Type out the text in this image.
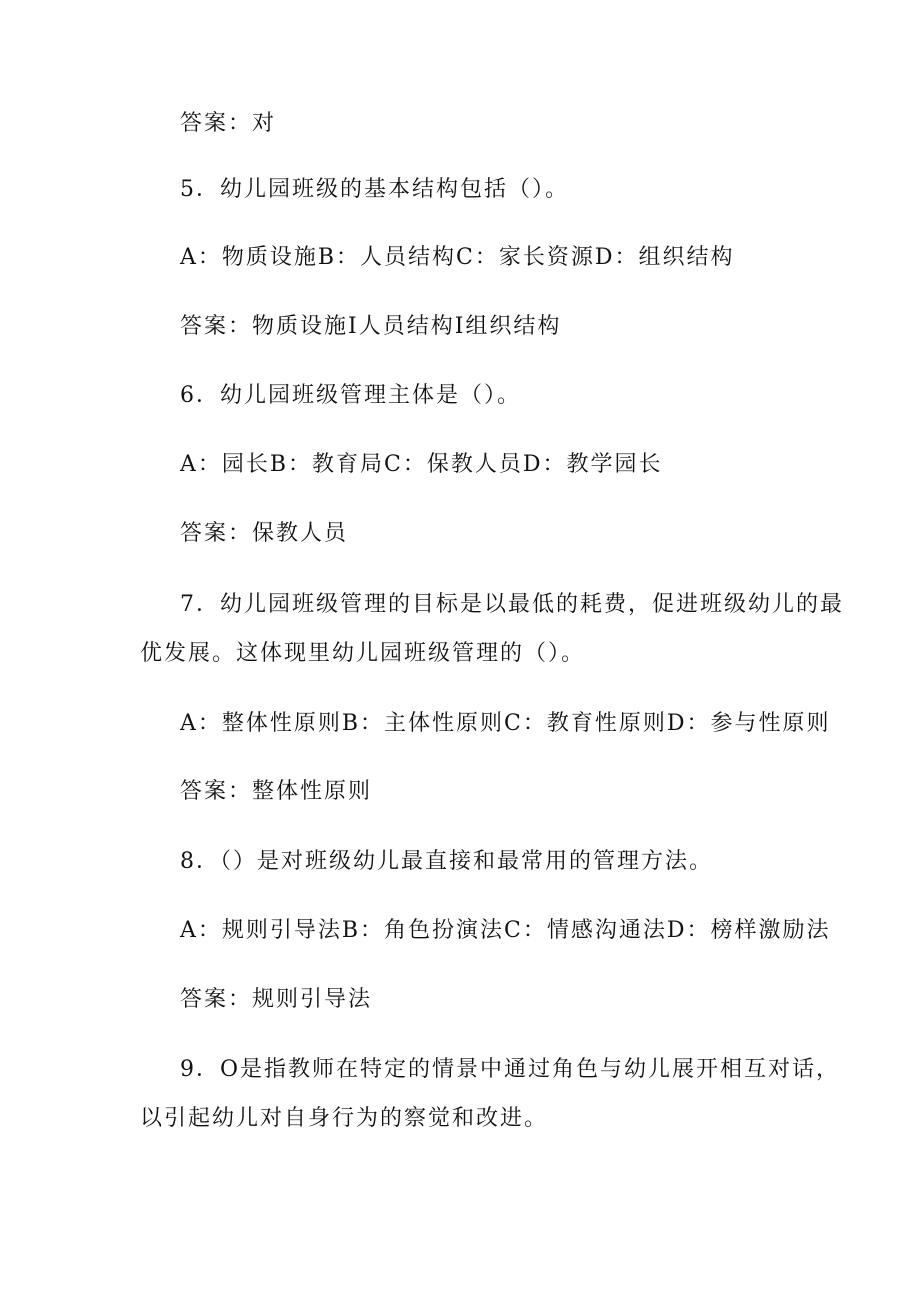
答案：对
5．幼儿园班级的基本结构包括（）。
A：物质设施B：人员结构C：家长资源D：组织结构
答案：物质设施I人员结构I组织结构
6．幼儿园班级管理主体是（）。
A：园长B：教育局C：保教人员D：教学园长
答案：保教人员
7．幼儿园班级管理的目标是以最低的耗费，促进班级幼儿的最
优发展。这体现里幼儿园班级管理的（）。
A：整体性原则B：主体性原则C：教育性原则D：参与性原则
答案：整体性原则
8．（）是对班级幼儿最直接和最常用的管理方法。
A：规则引导法B：角色扮演法C：情感沟通法D：榜样激励法
答案：规则引导法
9．O是指教师在特定的情景中通过角色与幼儿展开相互对话，
以引起幼儿对自身行为的察觉和改进。
